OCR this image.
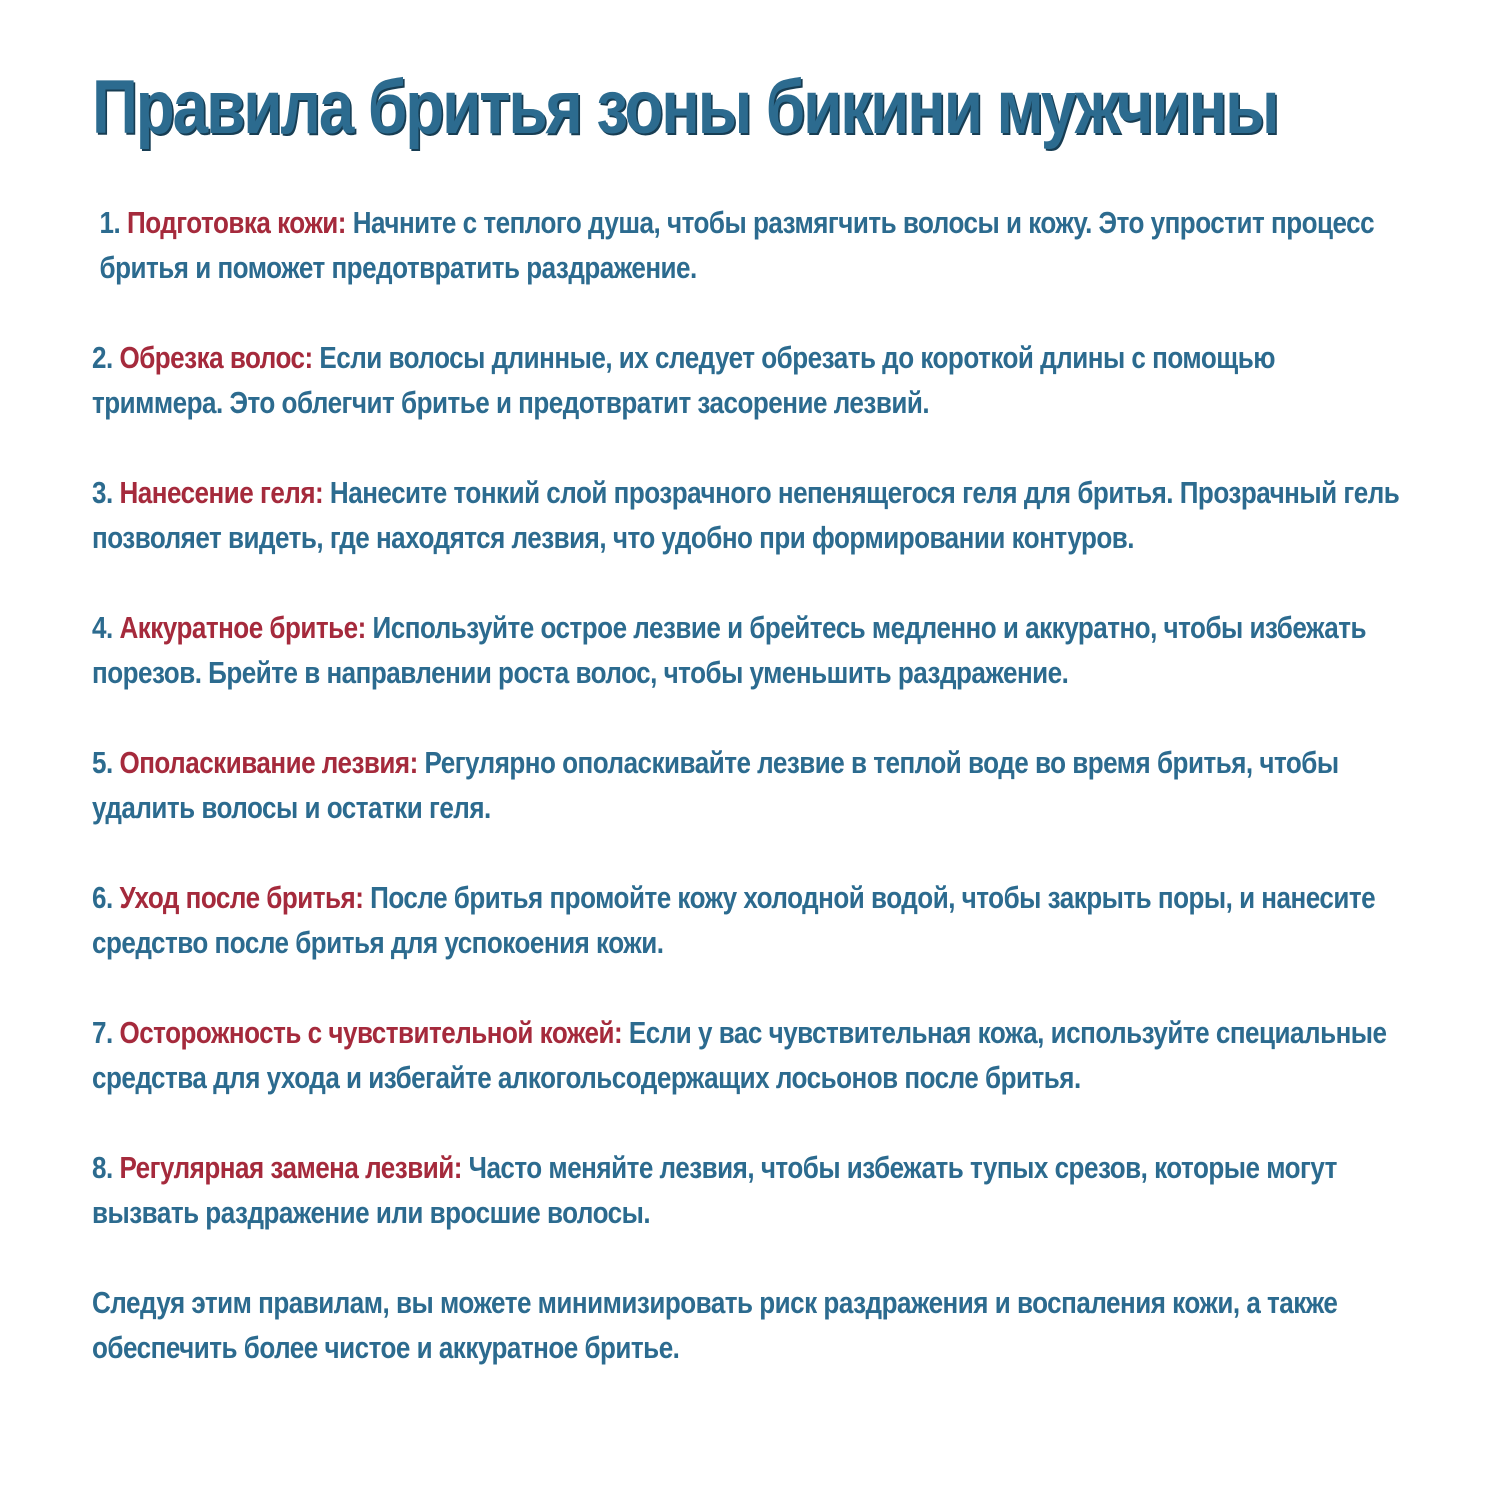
Правила бритья зоны бикини мужчины

1. Подготовка кожи: Начните с теплого душа, чтобы размягчить волосы и кожу. Это упростит процесс бритья и поможет предотвратить раздражение.

2. Обрезка волос: Если волосы длинные, их следует обрезать до короткой длины с помощью триммера. Это облегчит бритье и предотвратит засорение лезвий.

3. Нанесение геля: Нанесите тонкий слой прозрачного непенящегося геля для бритья. Прозрачный гель позволяет видеть, где находятся лезвия, что удобно при формировании контуров.

4. Аккуратное бритье: Используйте острое лезвие и брейтесь медленно и аккуратно, чтобы избежать порезов. Брейте в направлении роста волос, чтобы уменьшить раздражение.

5. Ополаскивание лезвия: Регулярно ополаскивайте лезвие в теплой воде во время бритья, чтобы удалить волосы и остатки геля.

6. Уход после бритья: После бритья промойте кожу холодной водой, чтобы закрыть поры, и нанесите средство после бритья для успокоения кожи.

7. Осторожность с чувствительной кожей: Если у вас чувствительная кожа, используйте специальные средства для ухода и избегайте алкогольсодержащих лосьонов после бритья.

8. Регулярная замена лезвий: Часто меняйте лезвия, чтобы избежать тупых срезов, которые могут вызвать раздражение или вросшие волосы.

Следуя этим правилам, вы можете минимизировать риск раздражения и воспаления кожи, а также обеспечить более чистое и аккуратное бритье.
